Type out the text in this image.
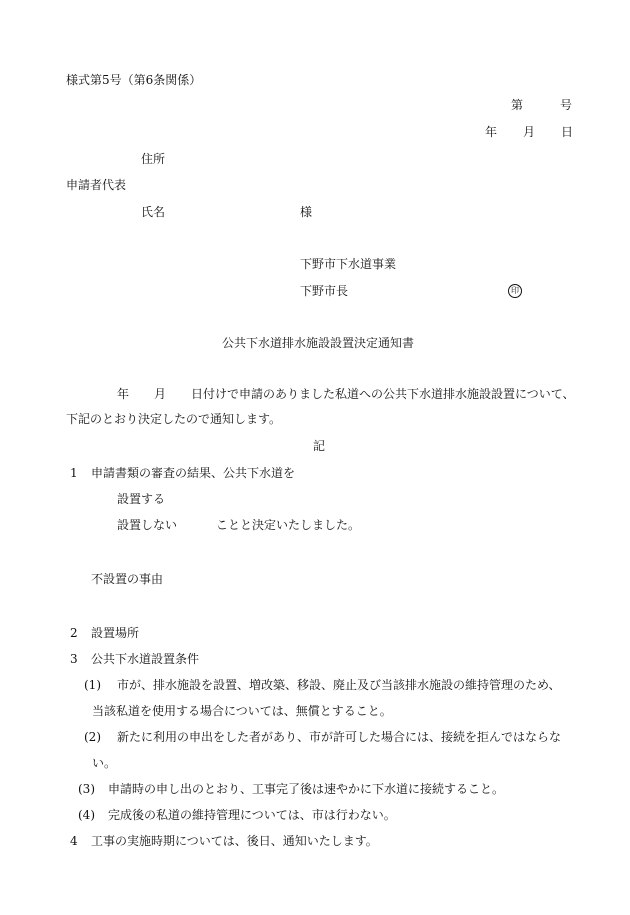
様式第5号（第6条関係）
第	号
年 月 日
住所
申請者代表
氏名	様
下野市下水道事業
下野市長	印
公共下水道排水施設設置決定通知書
年 月 日付けで申請のありました私道への公共下水道排水施設設置について、
下記のとおり決定したので通知します。
記
1 申請書類の審査の結果、公共下水道を
設置する
設置しない	ことと決定いたしました。
不設置の事由
2 設置場所
3 公共下水道設置条件
(1) 市が、排水施設を設置、増改築、移設、廃止及び当該排水施設の維持管理のため、
当該私道を使用する場合については、無償とすること。
(2) 新たに利用の申出をした者があり、市が許可した場合には、接続を拒んではならな
い。
(3) 申請時の申し出のとおり、工事完了後は速やかに下水道に接続すること。
(4) 完成後の私道の維持管理については、市は行わない。
4 工事の実施時期については、後日、通知いたします。
